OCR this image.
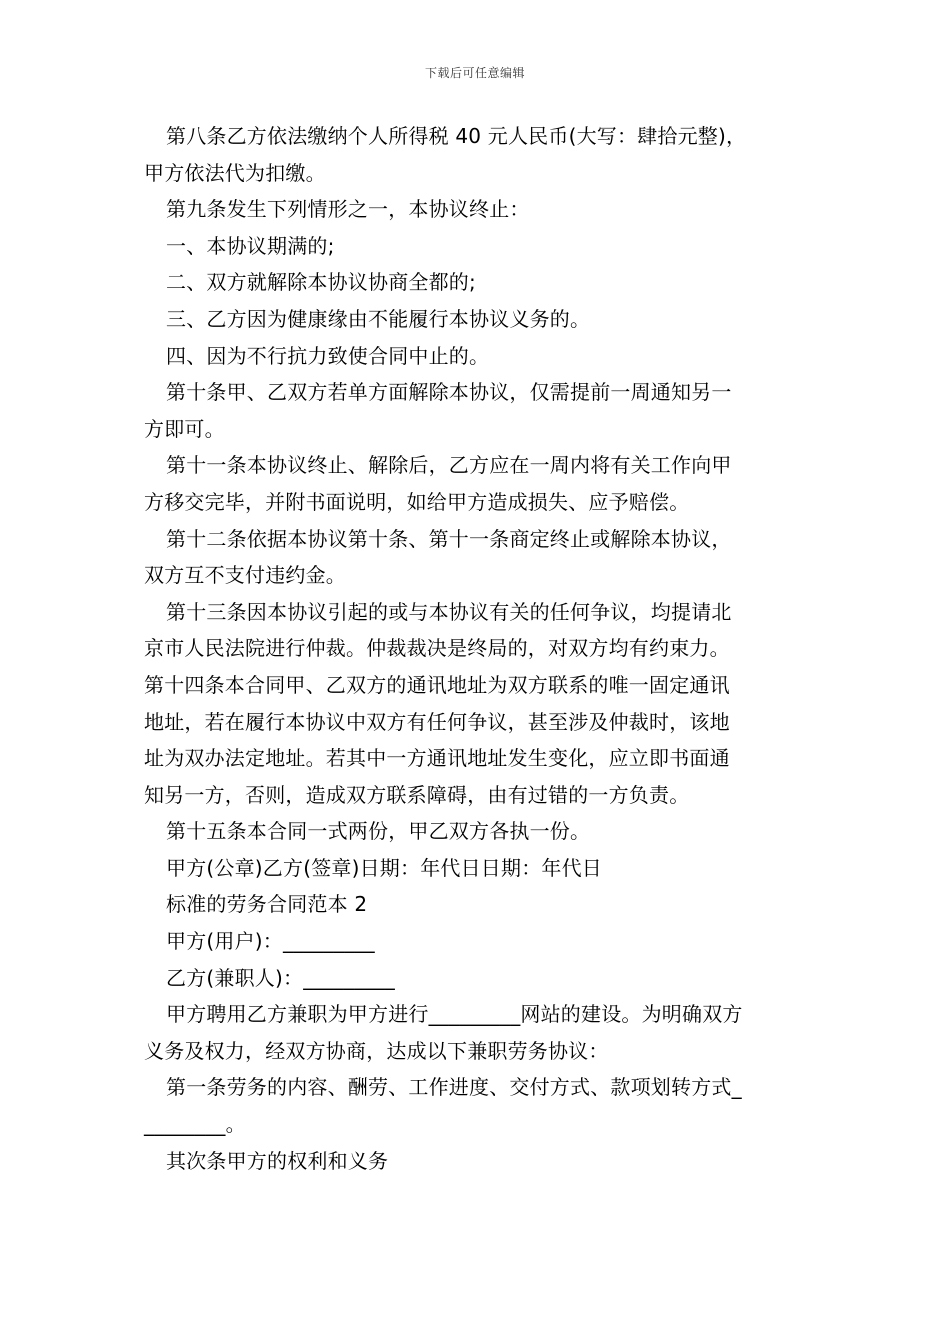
下载后可任意编辑
第八条乙方依法缴纳个人所得税 40 元人民币(大写：肆拾元整)，
甲方依法代为扣缴。
第九条发生下列情形之一，本协议终止：
一、本协议期满的;
二、双方就解除本协议协商全都的;
三、乙方因为健康缘由不能履行本协议义务的。
四、因为不行抗力致使合同中止的。
第十条甲、乙双方若单方面解除本协议，仅需提前一周通知另一
方即可。
第十一条本协议终止、解除后，乙方应在一周内将有关工作向甲
方移交完毕，并附书面说明，如给甲方造成损失、应予赔偿。
第十二条依据本协议第十条、第十一条商定终止或解除本协议，
双方互不支付违约金。
第十三条因本协议引起的或与本协议有关的任何争议，均提请北
京市人民法院进行仲裁。仲裁裁决是终局的，对双方均有约束力。
第十四条本合同甲、乙双方的通讯地址为双方联系的唯一固定通讯
地址，若在履行本协议中双方有任何争议，甚至涉及仲裁时，该地
址为双办法定地址。若其中一方通讯地址发生变化，应立即书面通
知另一方，否则，造成双方联系障碍，由有过错的一方负责。
第十五条本合同一式两份，甲乙双方各执一份。
甲方(公章)乙方(签章)日期：年代日日期：年代日
标准的劳务合同范本 2
甲方(用户)：_________
乙方(兼职人)：_________
甲方聘用乙方兼职为甲方进行_________网站的建设。为明确双方
义务及权力，经双方协商，达成以下兼职劳务协议：
第一条劳务的内容、酬劳、工作进度、交付方式、款项划转方式_
________。
其次条甲方的权利和义务
